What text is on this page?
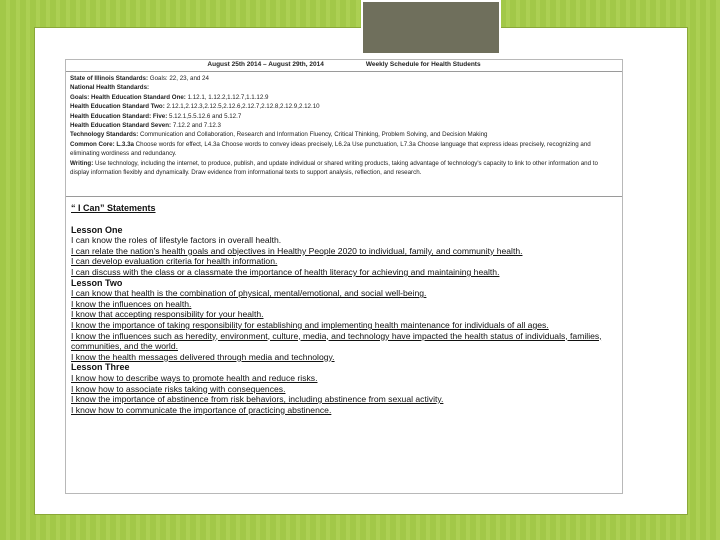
August 25th 2014 – August 29th, 2014	Weekly Schedule for Health Students
State of Illinois Standards: Goals: 22, 23, and 24
National Health Standards:
Goals: Health Education Standard One: 1.12.1, 1.12.2,1.12.7,1.1.12.9
Health Education Standard Two: 2.12.1,2.12.3,2.12.5,2.12.6,2.12.7,2.12.8,2.12.9,2.12.10
Health Education Standard: Five: 5.12.1,5.5.12.6 and 5.12.7
Health Education Standard Seven: 7.12.2 and 7.12.3
Technology Standards: Communication and Collaboration, Research and Information Fluency, Critical Thinking, Problem Solving, and Decision Making
Common Core: L.3.3a Choose words for effect, L4.3a Choose words to convey ideas precisely, L6.2a Use punctuation, L7.3a Choose language that express ideas precisely, recognizing and eliminating wordiness and redundancy.
Writing: Use technology, including the internet, to produce, publish, and update individual or shared writing products, taking advantage of technology's capacity to link to other information and to display information flexibly and dynamically. Draw evidence from informational texts to support analysis, reflection, and research.
“ I Can” Statements
Lesson One
I can know the roles of lifestyle factors in overall health.
I can relate the nation's health goals and objectives in Healthy People 2020 to individual, family, and community health.
I can develop evaluation criteria for health information.
I can discuss with the class or a classmate the importance of health literacy for achieving and maintaining health.
Lesson Two
I can know that health is the combination of physical, mental/emotional, and social well-being.
I know the influences on health.
I know that accepting responsibility for your health.
I know the importance of taking responsibility for establishing and implementing health maintenance for individuals of all ages.
I know the influences such as heredity, environment, culture, media, and technology have impacted the health status of individuals, families, communities, and the world.
I know the health messages delivered through media and technology.
Lesson Three
I know how to describe ways to promote health and reduce risks.
I know how to associate risks taking with consequences.
I know the importance of abstinence from risk behaviors, including abstinence from sexual activity.
I know how to communicate the importance of practicing abstinence.
